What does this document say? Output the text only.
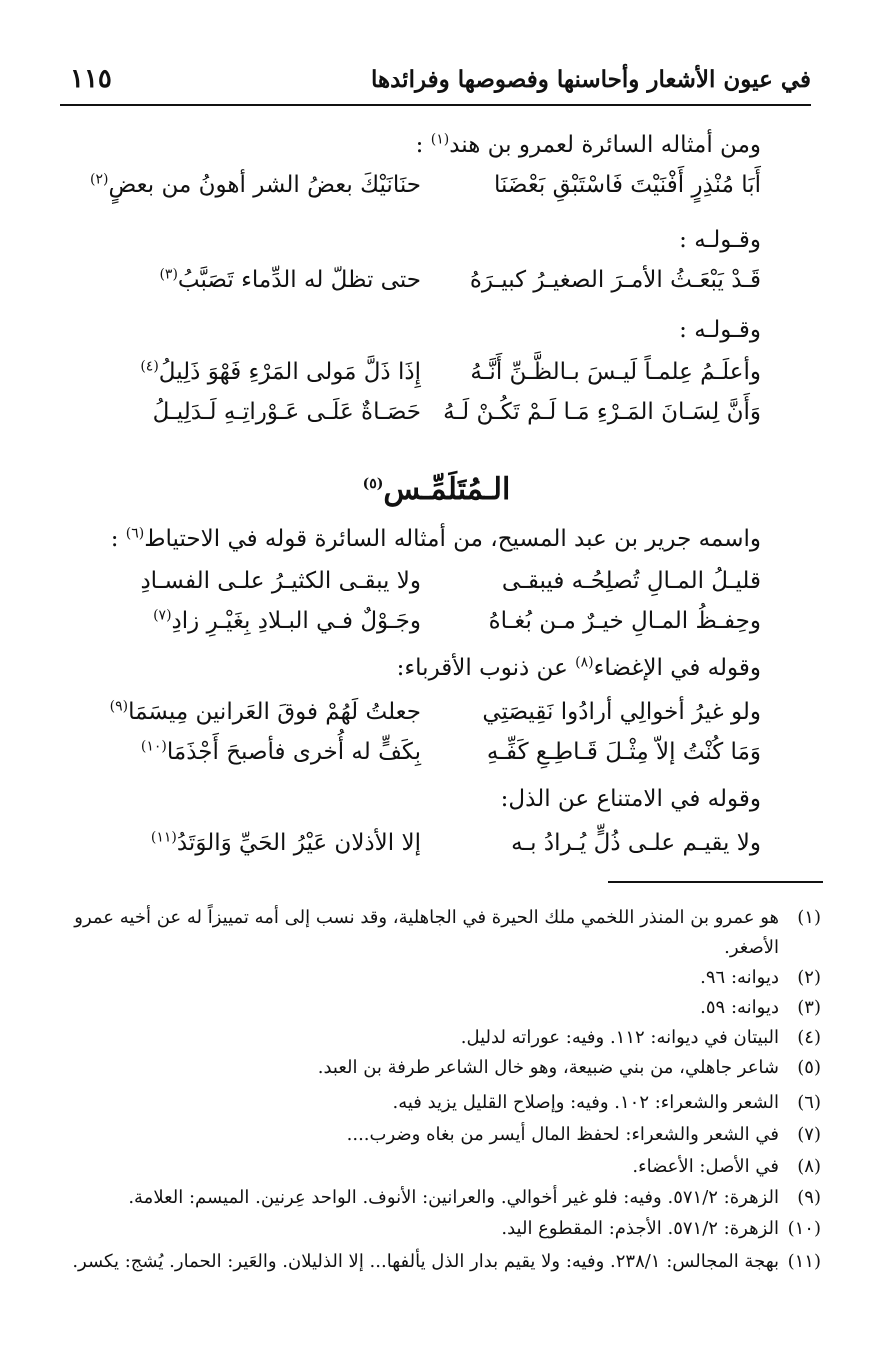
في عيون الأشعار وأحاسنها وفصوصها وفرائدها
١١٥
ومن أمثاله السائرة لعمرو بن هند$^{(١)}$ :
أَبَا مُنْذِرٍ أَفْنَيْتَ فَاسْتَبْقِ بَعْضَنَا
حنَانَيْكَ بعضُ الشر أهونُ من بعضٍ$^{(٢)}$
وقـولـه :
قَـدْ يَبْعَـثُ الأمـرَ الصغيـرُ كبيـرَهُ
حتى تظلّ له الدِّماء تَصَبَّبُ$^{(٣)}$
وقـولـه :
وأعلَـمُ عِلمـاً لَيـسَ بـالظَّـنِّ أَنَّـهُ
إِذَا ذَلَّ مَولى المَرْءِ فَهْوَ ذَلِيلُ$^{(٤)}$
وَأَنَّ لِسَـانَ المَـرْءِ مَـا لَـمْ تَكُـنْ لَـهُ
حَصَـاةٌ عَلَـى عَـوْراتِـهِ لَـدَلِيـلُ
الـمُتَلَمِّـس$^{(٥)}$
واسمه جرير بن عبد المسيح، من أمثاله السائرة قوله في الاحتياط$^{(٦)}$ :
قليـلُ المـالِ تُصلِحُـه فيبقـى
ولا يبقـى الكثيـرُ علـى الفسـادِ
وحِفـظُ المـالِ خيـرٌ مـن بُغـاهُ
وجَـوْلٌ فـي البـلادِ بِغَيْـرِ زادِ$^{(٧)}$
وقوله في الإغضاء$^{(٨)}$ عن ذنوب الأقرباء:
ولو غيرُ أخوالِي أرادُوا نَقِيصَتِي
جعلتُ لَهُمْ فوقَ العَرانين مِيسَمَا$^{(٩)}$
وَمَا كُنْتُ إلاّ مِثْـلَ قَـاطِـعِ كَفِّـهِ
بِكَفٍّ له أُخرى فأصبحَ أَجْذَمَا$^{(١٠)}$
وقوله في الامتناع عن الذل:
ولا يقيـم علـى ذُلٍّ يُـرادُ بـه
إلا الأذلان عَيْرُ الحَيِّ وَالوَتَدُ$^{(١١)}$
(١)
هو عمرو بن المنذر اللخمي ملك الحيرة في الجاهلية، وقد نسب إلى أمه تمييزاً له عن أخيه عمرو الأصغر.
(٢)
ديوانه: ٩٦.
(٣)
ديوانه: ٥٩.
(٤)
البيتان في ديوانه: ١١٢. وفيه: عوراته لدليل.
(٥)
شاعر جاهلي، من بني ضبيعة، وهو خال الشاعر طرفة بن العبد.
(٦)
الشعر والشعراء: ١٠٢. وفيه: وإصلاح القليل يزيد فيه.
(٧)
في الشعر والشعراء: لحفظ المال أيسر من بغاه وضرب....
(٨)
في الأصل: الأعضاء.
(٩)
الزهرة: ٥٧١/٢. وفيه: فلو غير أخوالي. والعرانين: الأنوف. الواحد عِرنين. الميسم: العلامة.
(١٠)
الزهرة: ٥٧١/٢. الأجذم: المقطوع اليد.
(١١)
بهجة المجالس: ٢٣٨/١. وفيه: ولا يقيم بدار الذل يألفها... إلا الذليلان. والعَير: الحمار. يُشج: يكسر.
